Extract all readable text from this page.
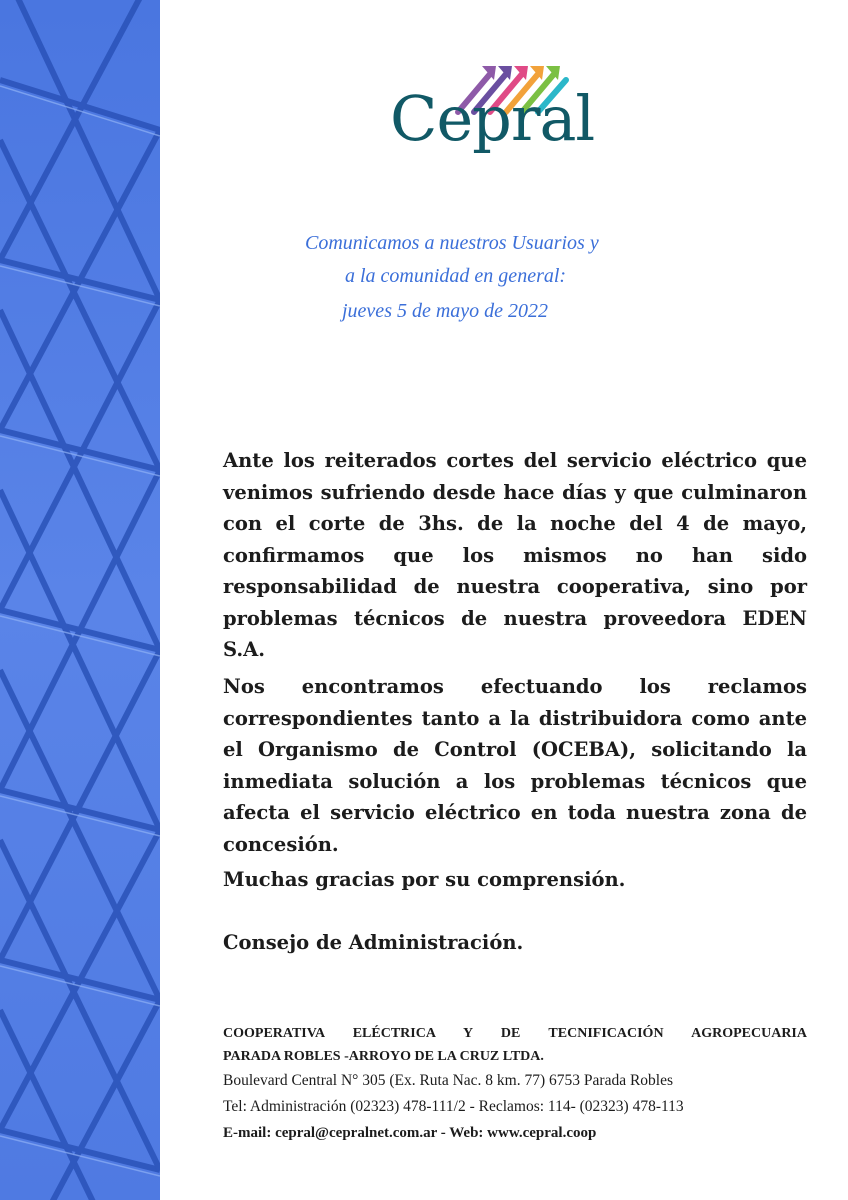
Cepral
Comunicamos a nuestros Usuarios y
a la comunidad en general:
jueves 5 de mayo de 2022
Ante los reiterados cortes del servicio eléctrico que venimos sufriendo desde hace días y que culminaron con el corte de 3hs. de la noche del 4 de mayo, confirmamos que los mismos no han sido responsabilidad de nuestra cooperativa, sino por problemas técnicos de nuestra proveedora EDEN S.A.
Nos encontramos efectuando los reclamos correspondientes tanto a la distribuidora como ante el Organismo de Control (OCEBA), solicitando la inmediata solución a los problemas técnicos que afecta el servicio eléctrico en toda nuestra zona de concesión.
Muchas gracias por su comprensión.
Consejo de Administración.
COOPERATIVA ELÉCTRICA Y DE TECNIFICACIÓN AGROPECUARIA
PARADA ROBLES -ARROYO DE LA CRUZ LTDA.
Boulevard Central N° 305 (Ex. Ruta Nac. 8 km. 77) 6753 Parada Robles
Tel: Administración (02323) 478-111/2 - Reclamos: 114- (02323) 478-113
E-mail: cepral@cepralnet.com.ar - Web: www.cepral.coop
